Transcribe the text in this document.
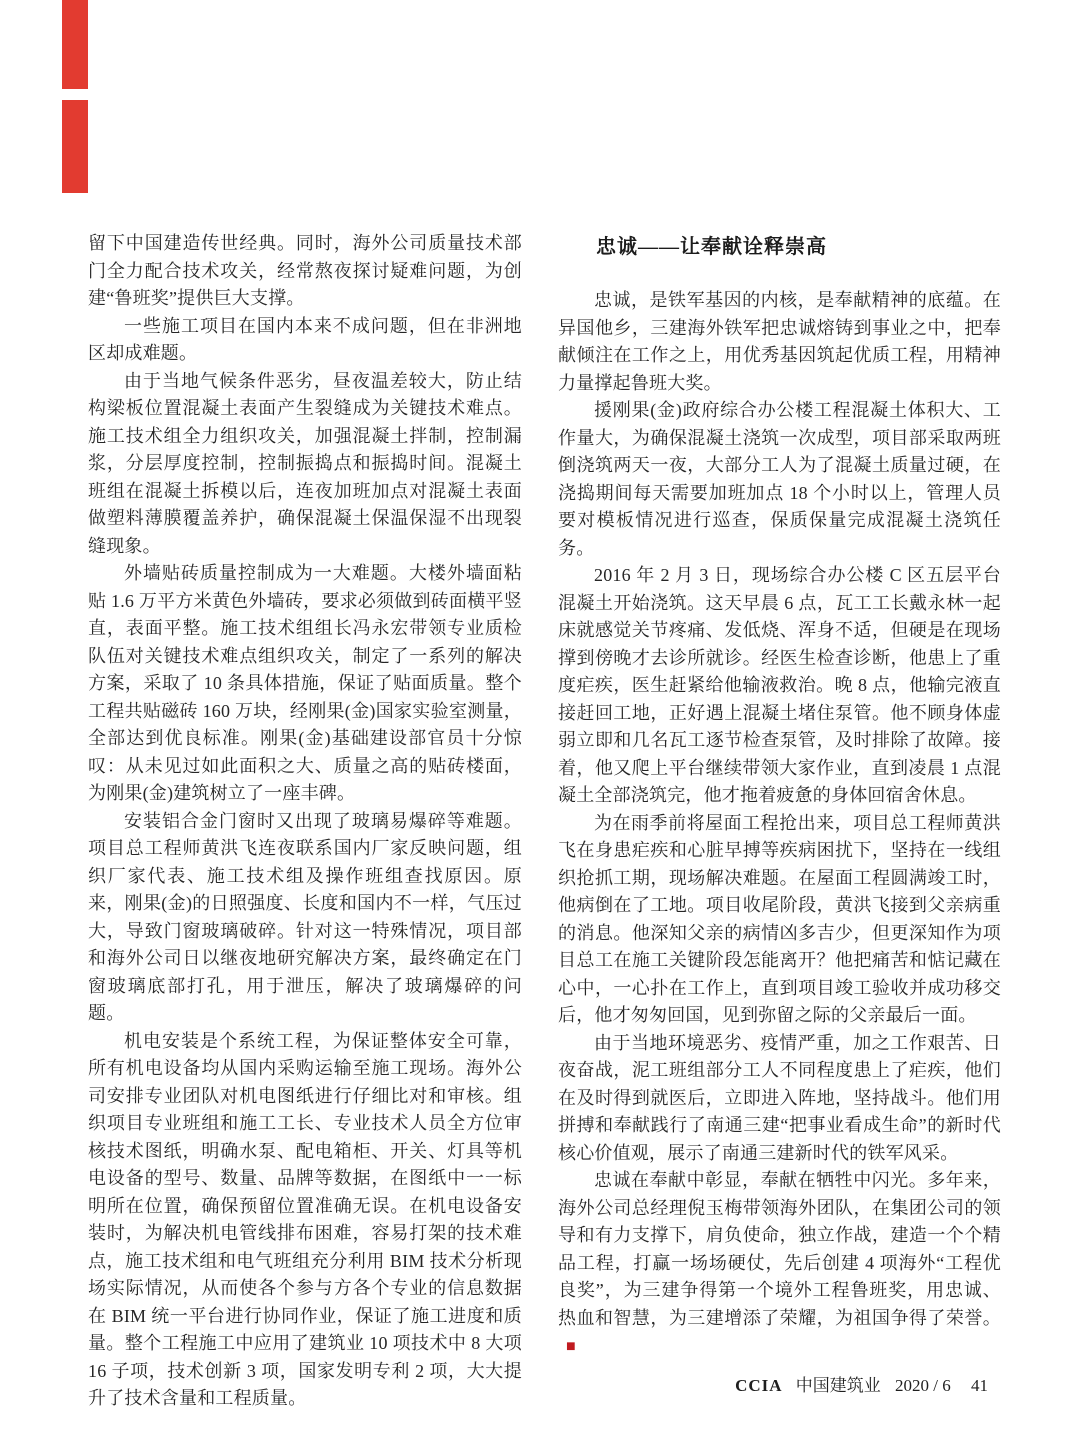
留下中国建造传世经典。同时，海外公司质量技术部门全力配合技术攻关，经常熬夜探讨疑难问题，为创建“鲁班奖”提供巨大支撑。

一些施工项目在国内本来不成问题，但在非洲地区却成难题。

由于当地气候条件恶劣，昼夜温差较大，防止结构梁板位置混凝土表面产生裂缝成为关键技术难点。施工技术组全力组织攻关，加强混凝土拌制，控制漏浆，分层厚度控制，控制振捣点和振捣时间。混凝土班组在混凝土拆模以后，连夜加班加点对混凝土表面做塑料薄膜覆盖养护，确保混凝土保温保湿不出现裂缝现象。

外墙贴砖质量控制成为一大难题。大楼外墙面粘贴 1.6 万平方米黄色外墙砖，要求必须做到砖面横平竖直，表面平整。施工技术组组长冯永宏带领专业质检队伍对关键技术难点组织攻关，制定了一系列的解决方案，采取了 10 条具体措施，保证了贴面质量。整个工程共贴磁砖 160 万块，经刚果(金)国家实验室测量，全部达到优良标准。刚果(金)基础建设部官员十分惊叹：从未见过如此面积之大、质量之高的贴砖楼面，为刚果(金)建筑树立了一座丰碑。

安装铝合金门窗时又出现了玻璃易爆碎等难题。项目总工程师黄洪飞连夜联系国内厂家反映问题，组织厂家代表、施工技术组及操作班组查找原因。原来，刚果(金)的日照强度、长度和国内不一样，气压过大，导致门窗玻璃破碎。针对这一特殊情况，项目部和海外公司日以继夜地研究解决方案，最终确定在门窗玻璃底部打孔，用于泄压，解决了玻璃爆碎的问题。

机电安装是个系统工程，为保证整体安全可靠，所有机电设备均从国内采购运输至施工现场。海外公司安排专业团队对机电图纸进行仔细比对和审核。组织项目专业班组和施工工长、专业技术人员全方位审核技术图纸，明确水泵、配电箱柜、开关、灯具等机电设备的型号、数量、品牌等数据，在图纸中一一标明所在位置，确保预留位置准确无误。在机电设备安装时，为解决机电管线排布困难，容易打架的技术难点，施工技术组和电气班组充分利用 BIM 技术分析现场实际情况，从而使各个参与方各个专业的信息数据在 BIM 统一平台进行协同作业，保证了施工进度和质量。整个工程施工中应用了建筑业 10 项技术中 8 大项 16 子项，技术创新 3 项，国家发明专利 2 项，大大提升了技术含量和工程质量。

忠诚——让奉献诠释崇高

忠诚，是铁军基因的内核，是奉献精神的底蕴。在异国他乡，三建海外铁军把忠诚熔铸到事业之中，把奉献倾注在工作之上，用优秀基因筑起优质工程，用精神力量撑起鲁班大奖。

援刚果(金)政府综合办公楼工程混凝土体积大、工作量大，为确保混凝土浇筑一次成型，项目部采取两班倒浇筑两天一夜，大部分工人为了混凝土质量过硬，在浇捣期间每天需要加班加点 18 个小时以上，管理人员要对模板情况进行巡查，保质保量完成混凝土浇筑任务。

2016 年 2 月 3 日，现场综合办公楼 C 区五层平台混凝土开始浇筑。这天早晨 6 点，瓦工工长戴永林一起床就感觉关节疼痛、发低烧、浑身不适，但硬是在现场撑到傍晚才去诊所就诊。经医生检查诊断，他患上了重度疟疾，医生赶紧给他输液救治。晚 8 点，他输完液直接赶回工地，正好遇上混凝土堵住泵管。他不顾身体虚弱立即和几名瓦工逐节检查泵管，及时排除了故障。接着，他又爬上平台继续带领大家作业，直到凌晨 1 点混凝土全部浇筑完，他才拖着疲惫的身体回宿舍休息。

为在雨季前将屋面工程抢出来，项目总工程师黄洪飞在身患疟疾和心脏早搏等疾病困扰下，坚持在一线组织抢抓工期，现场解决难题。在屋面工程圆满竣工时，他病倒在了工地。项目收尾阶段，黄洪飞接到父亲病重的消息。他深知父亲的病情凶多吉少，但更深知作为项目总工在施工关键阶段怎能离开？他把痛苦和惦记藏在心中，一心扑在工作上，直到项目竣工验收并成功移交后，他才匆匆回国，见到弥留之际的父亲最后一面。

由于当地环境恶劣、疫情严重，加之工作艰苦、日夜奋战，泥工班组部分工人不同程度患上了疟疾，他们在及时得到就医后，立即进入阵地，坚持战斗。他们用拼搏和奉献践行了南通三建“把事业看成生命”的新时代核心价值观，展示了南通三建新时代的铁军风采。

忠诚在奉献中彰显，奉献在牺牲中闪光。多年来，海外公司总经理倪玉梅带领海外团队，在集团公司的领导和有力支撑下，肩负使命，独立作战，建造一个个精品工程，打赢一场场硬仗，先后创建 4 项海外“工程优良奖”，为三建争得第一个境外工程鲁班奖，用忠诚、热血和智慧，为三建增添了荣耀，为祖国争得了荣誉。■

CCIA 中国建筑业 2020 / 6 41
